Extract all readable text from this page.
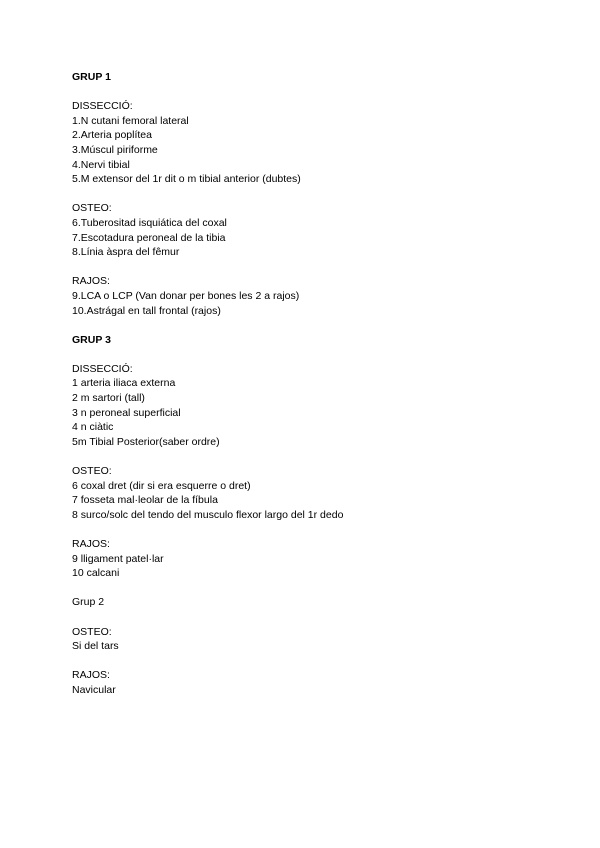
GRUP 1
DISSECCIÓ:
1.N cutani femoral lateral
2.Arteria poplítea
3.Múscul piriforme
4.Nervi tibial
5.M extensor del 1r dit o m tibial anterior (dubtes)
OSTEO:
6.Tuberositad isquiática del coxal
7.Escotadura peroneal de la tibia
8.Línia àspra del fêmur
RAJOS:
9.LCA o LCP (Van donar per bones les 2 a rajos)
10.Astrágal en tall frontal (rajos)
GRUP 3
DISSECCIÓ:
1 arteria iliaca externa
2 m sartori (tall)
3 n peroneal superficial
4 n ciàtic
5m Tibial Posterior(saber ordre)
OSTEO:
6 coxal dret (dir si era esquerre o dret)
7 fosseta mal·leolar de la fíbula
8 surco/solc del tendo del musculo flexor largo del 1r dedo
RAJOS:
9 lligament patel·lar
10 calcani
Grup 2
OSTEO:
Si del tars
RAJOS:
Navicular
